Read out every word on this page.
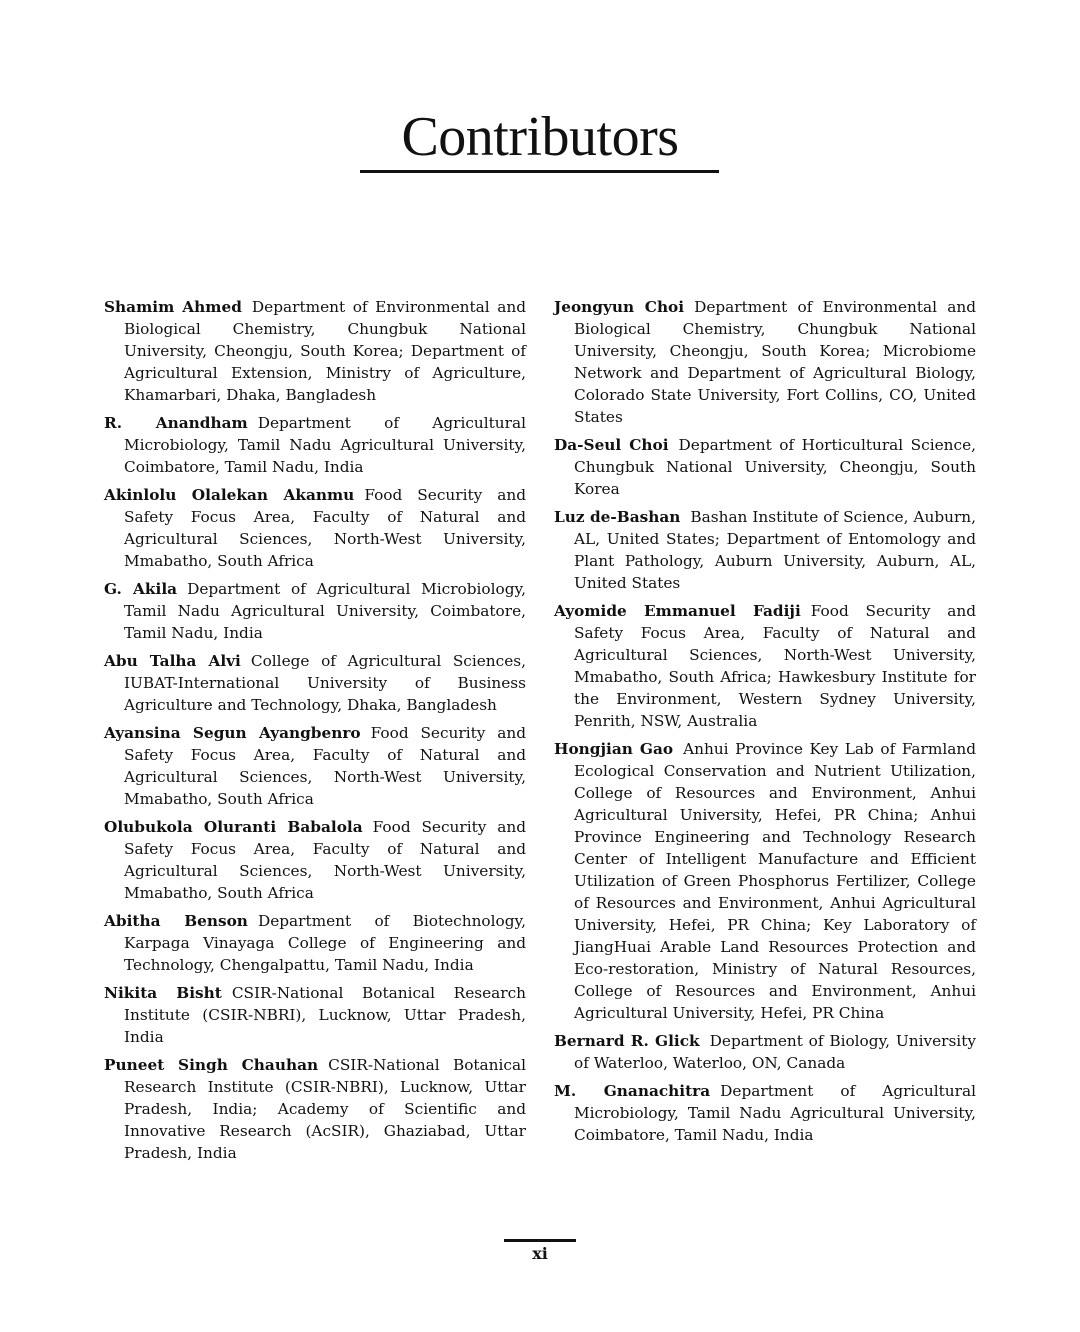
Contributors

Shamim Ahmed Department of Environmental and Biological Chemistry, Chungbuk National University, Cheongju, South Korea; Department of Agricultural Extension, Ministry of Agriculture, Khamarbari, Dhaka, Bangladesh

R. Anandham Department of Agricultural Microbiology, Tamil Nadu Agricultural University, Coimbatore, Tamil Nadu, India

Akinlolu Olalekan Akanmu Food Security and Safety Focus Area, Faculty of Natural and Agricultural Sciences, North-West University, Mmabatho, South Africa

G. Akila Department of Agricultural Microbiology, Tamil Nadu Agricultural University, Coimbatore, Tamil Nadu, India

Abu Talha Alvi College of Agricultural Sciences, IUBAT-International University of Business Agriculture and Technology, Dhaka, Bangladesh

Ayansina Segun Ayangbenro Food Security and Safety Focus Area, Faculty of Natural and Agricultural Sciences, North-West University, Mmabatho, South Africa

Olubukola Oluranti Babalola Food Security and Safety Focus Area, Faculty of Natural and Agricultural Sciences, North-West University, Mmabatho, South Africa

Abitha Benson Department of Biotechnology, Karpaga Vinayaga College of Engineering and Technology, Chengalpattu, Tamil Nadu, India

Nikita Bisht CSIR-National Botanical Research Institute (CSIR-NBRI), Lucknow, Uttar Pradesh, India

Puneet Singh Chauhan CSIR-National Botanical Research Institute (CSIR-NBRI), Lucknow, Uttar Pradesh, India; Academy of Scientific and Innovative Research (AcSIR), Ghaziabad, Uttar Pradesh, India

Jeongyun Choi Department of Environmental and Biological Chemistry, Chungbuk National University, Cheongju, South Korea; Microbiome Network and Department of Agricultural Biology, Colorado State University, Fort Collins, CO, United States

Da-Seul Choi Department of Horticultural Science, Chungbuk National University, Cheongju, South Korea

Luz de-Bashan Bashan Institute of Science, Auburn, AL, United States; Department of Entomology and Plant Pathology, Auburn University, Auburn, AL, United States

Ayomide Emmanuel Fadiji Food Security and Safety Focus Area, Faculty of Natural and Agricultural Sciences, North-West University, Mmabatho, South Africa; Hawkesbury Institute for the Environment, Western Sydney University, Penrith, NSW, Australia

Hongjian Gao Anhui Province Key Lab of Farmland Ecological Conservation and Nutrient Utilization, College of Resources and Environment, Anhui Agricultural University, Hefei, PR China; Anhui Province Engineering and Technology Research Center of Intelligent Manufacture and Efficient Utilization of Green Phosphorus Fertilizer, College of Resources and Environment, Anhui Agricultural University, Hefei, PR China; Key Laboratory of JiangHuai Arable Land Resources Protection and Eco-restoration, Ministry of Natural Resources, College of Resources and Environment, Anhui Agricultural University, Hefei, PR China

Bernard R. Glick Department of Biology, University of Waterloo, Waterloo, ON, Canada

M. Gnanachitra Department of Agricultural Microbiology, Tamil Nadu Agricultural University, Coimbatore, Tamil Nadu, India

xi
